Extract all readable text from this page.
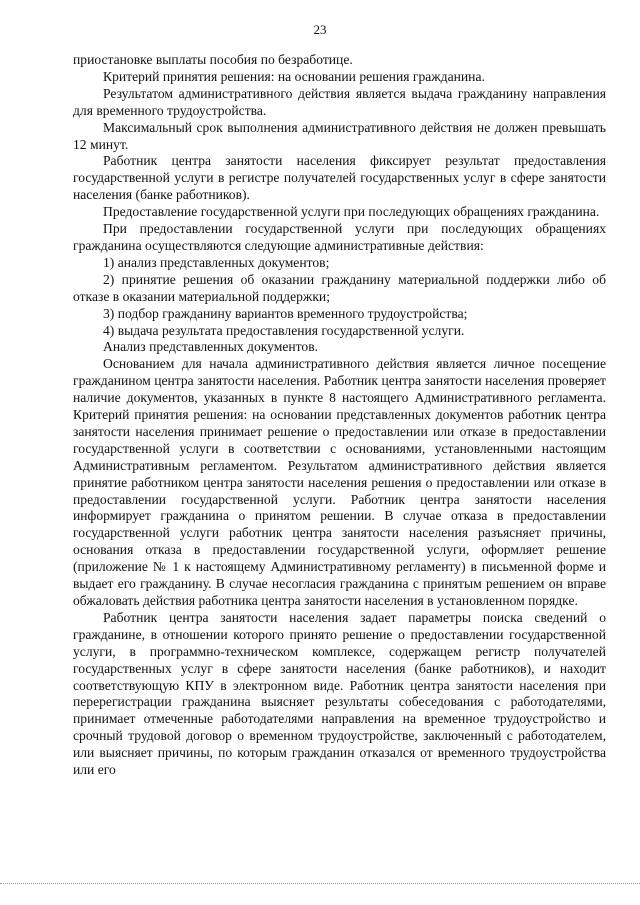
23

приостановке выплаты пособия по безработице.

Критерий принятия решения: на основании решения гражданина.

Результатом административного действия является выдача гражданину направления для временного трудоустройства.

Максимальный срок выполнения административного действия не должен превышать 12 минут.

Работник центра занятости населения фиксирует результат предоставления государственной услуги в регистре получателей государственных услуг в сфере занятости населения (банке работников).

Предоставление государственной услуги при последующих обращениях гражданина.

При предоставлении государственной услуги при последующих обращениях гражданина осуществляются следующие административные действия:

1) анализ представленных документов;

2) принятие решения об оказании гражданину материальной поддержки либо об отказе в оказании материальной поддержки;

3) подбор гражданину вариантов временного трудоустройства;

4) выдача результата предоставления государственной услуги.

Анализ представленных документов.

Основанием для начала административного действия является личное посещение гражданином центра занятости населения. Работник центра занятости населения проверяет наличие документов, указанных в пункте 8 настоящего Административного регламента. Критерий принятия решения: на основании представленных документов работник центра занятости населения принимает решение о предоставлении или отказе в предоставлении государственной услуги в соответствии с основаниями, установленными настоящим Административным регламентом. Результатом административного действия является принятие работником центра занятости населения решения о предоставлении или отказе в предоставлении государственной услуги. Работник центра занятости населения информирует гражданина о принятом решении. В случае отказа в предоставлении государственной услуги работник центра занятости населения разъясняет причины, основания отказа в предоставлении государственной услуги, оформляет решение (приложение № 1 к настоящему Административному регламенту) в письменной форме и выдает его гражданину. В случае несогласия гражданина с принятым решением он вправе обжаловать действия работника центра занятости населения в установленном порядке.

Работник центра занятости населения задает параметры поиска сведений о гражданине, в отношении которого принято решение о предоставлении государственной услуги, в программно-техническом комплексе, содержащем регистр получателей государственных услуг в сфере занятости населения (банке работников), и находит соответствующую КПУ в электронном виде. Работник центра занятости населения при перерегистрации гражданина выясняет результаты собеседования с работодателями, принимает отмеченные работодателями направления на временное трудоустройство и срочный трудовой договор о временном трудоустройстве, заключенный с работодателем, или выясняет причины, по которым гражданин отказался от временного трудоустройства или его
